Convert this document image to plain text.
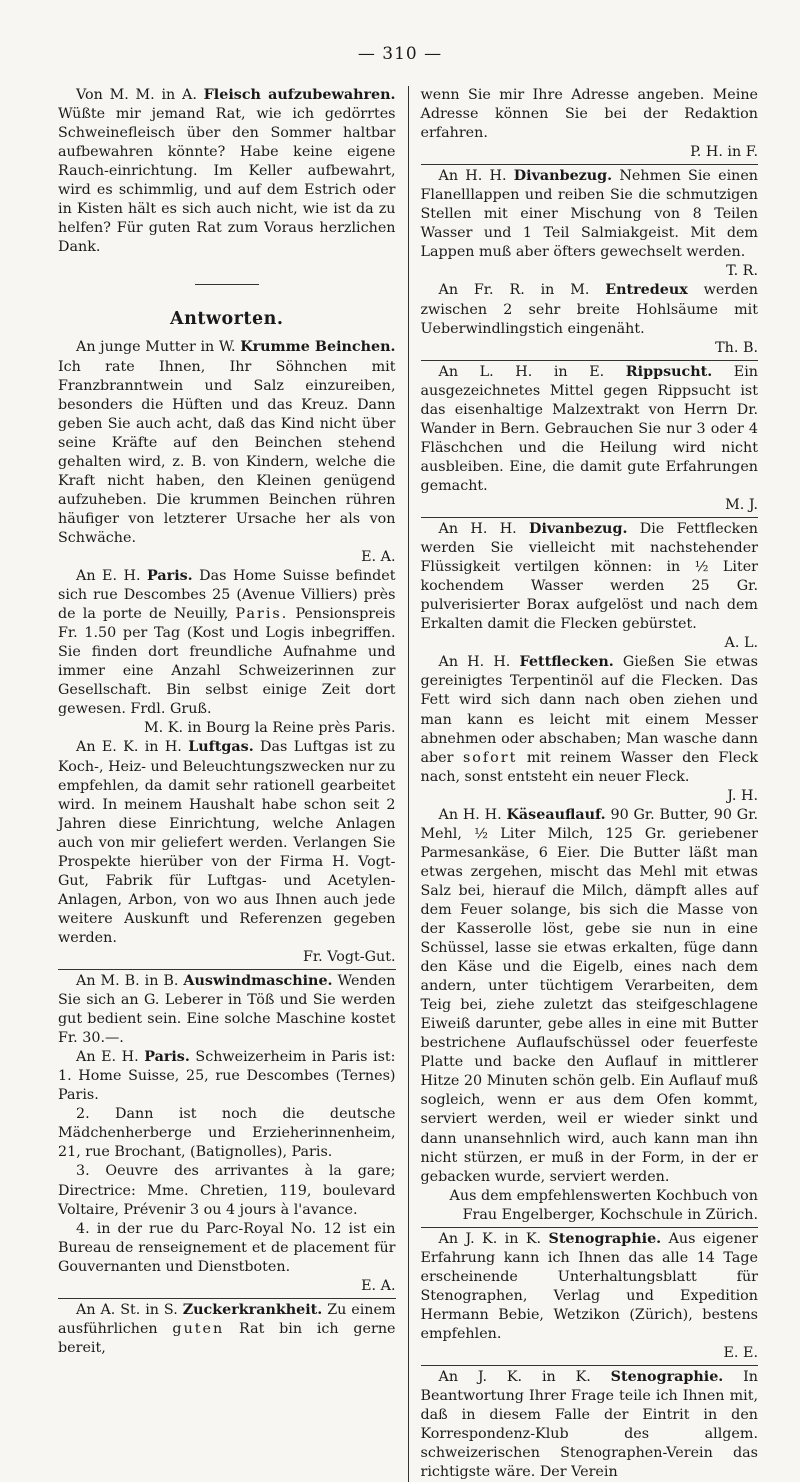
— 310 —

Von M. M. in A. Fleisch aufzubewahren. Wüßte mir jemand Rat, wie ich gedörrtes Schweinefleisch über den Sommer haltbar aufbewahren könnte? Habe keine eigene Rauch-einrichtung. Im Keller aufbewahrt, wird es schimmlig, und auf dem Estrich oder in Kisten hält es sich auch nicht, wie ist da zu helfen? Für guten Rat zum Voraus herzlichen Dank.

Antworten.

An junge Mutter in W. Krumme Beinchen. Ich rate Ihnen, Ihr Söhnchen mit Franzbranntwein und Salz einzureiben, besonders die Hüften und das Kreuz. Dann geben Sie auch acht, daß das Kind nicht über seine Kräfte auf den Beinchen stehend gehalten wird, z. B. von Kindern, welche die Kraft nicht haben, den Kleinen genügend aufzuheben. Die krummen Beinchen rühren häufiger von letzterer Ursache her als von Schwäche.
E. A.

An E. H. Paris. Das Home Suisse befindet sich rue Descombes 25 (Avenue Villiers) près de la porte de Neuilly, Paris. Pensionspreis Fr. 1.50 per Tag (Kost und Logis inbegriffen. Sie finden dort freundliche Aufnahme und immer eine Anzahl Schweizerinnen zur Gesellschaft. Bin selbst einige Zeit dort gewesen. Frdl. Gruß.
M. K. in Bourg la Reine près Paris.

An E. K. in H. Luftgas. Das Luftgas ist zu Koch-, Heiz- und Beleuchtungszwecken nur zu empfehlen, da damit sehr rationell gearbeitet wird. In meinem Haushalt habe schon seit 2 Jahren diese Einrichtung, welche Anlagen auch von mir geliefert werden. Verlangen Sie Prospekte hierüber von der Firma H. Vogt-Gut, Fabrik für Luftgas- und Acetylen-Anlagen, Arbon, von wo aus Ihnen auch jede weitere Auskunft und Referenzen gegeben werden.
Fr. Vogt-Gut.

An M. B. in B. Auswindmaschine. Wenden Sie sich an G. Leberer in Töß und Sie werden gut bedient sein. Eine solche Maschine kostet Fr. 30.—.

An E. H. Paris. Schweizerheim in Paris ist: 1. Home Suisse, 25, rue Descombes (Ternes) Paris.

2. Dann ist noch die deutsche Mädchenherberge und Erzieherinnenheim, 21, rue Brochant, (Batignolles), Paris.

3. Oeuvre des arrivantes à la gare; Directrice: Mme. Chretien, 119, boulevard Voltaire, Prévenir 3 ou 4 jours à l'avance.

4. in der rue du Parc-Royal No. 12 ist ein Bureau de renseignement et de placement für Gouvernanten und Dienstboten.
E. A.

An A. St. in S. Zuckerkrankheit. Zu einem ausführlichen guten Rat bin ich gerne bereit,

wenn Sie mir Ihre Adresse angeben. Meine Adresse können Sie bei der Redaktion erfahren.
P. H. in F.

An H. H. Divanbezug. Nehmen Sie einen Flanelllappen und reiben Sie die schmutzigen Stellen mit einer Mischung von 8 Teilen Wasser und 1 Teil Salmiakgeist. Mit dem Lappen muß aber öfters gewechselt werden.
T. R.

An Fr. R. in M. Entredeux werden zwischen 2 sehr breite Hohlsäume mit Ueberwindlingstich eingenäht.
Th. B.

An L. H. in E. Rippsucht. Ein ausgezeichnetes Mittel gegen Rippsucht ist das eisenhaltige Malzextrakt von Herrn Dr. Wander in Bern. Gebrauchen Sie nur 3 oder 4 Fläschchen und die Heilung wird nicht ausbleiben. Eine, die damit gute Erfahrungen gemacht.
M. J.

An H. H. Divanbezug. Die Fettflecken werden Sie vielleicht mit nachstehender Flüssigkeit vertilgen können: in ½ Liter kochendem Wasser werden 25 Gr. pulverisierter Borax aufgelöst und nach dem Erkalten damit die Flecken gebürstet.
A. L.

An H. H. Fettflecken. Gießen Sie etwas gereinigtes Terpentinöl auf die Flecken. Das Fett wird sich dann nach oben ziehen und man kann es leicht mit einem Messer abnehmen oder abschaben; Man wasche dann aber sofort mit reinem Wasser den Fleck nach, sonst entsteht ein neuer Fleck.
J. H.

An H. H. Käseauflauf. 90 Gr. Butter, 90 Gr. Mehl, ½ Liter Milch, 125 Gr. geriebener Parmesankäse, 6 Eier. Die Butter läßt man etwas zergehen, mischt das Mehl mit etwas Salz bei, hierauf die Milch, dämpft alles auf dem Feuer solange, bis sich die Masse von der Kasserolle löst, gebe sie nun in eine Schüssel, lasse sie etwas erkalten, füge dann den Käse und die Eigelb, eines nach dem andern, unter tüchtigem Verarbeiten, dem Teig bei, ziehe zuletzt das steifgeschlagene Eiweiß darunter, gebe alles in eine mit Butter bestrichene Auflaufschüssel oder feuerfeste Platte und backe den Auflauf in mittlerer Hitze 20 Minuten schön gelb. Ein Auflauf muß sogleich, wenn er aus dem Ofen kommt, serviert werden, weil er wieder sinkt und dann unansehnlich wird, auch kann man ihn nicht stürzen, er muß in der Form, in der er gebacken wurde, serviert werden.

Aus dem empfehlenswerten Kochbuch von Frau Engelberger, Kochschule in Zürich.

An J. K. in K. Stenographie. Aus eigener Erfahrung kann ich Ihnen das alle 14 Tage erscheinende Unterhaltungsblatt für Stenographen, Verlag und Expedition Hermann Bebie, Wetzikon (Zürich), bestens empfehlen.
E. E.

An J. K. in K. Stenographie. In Beantwortung Ihrer Frage teile ich Ihnen mit, daß in diesem Falle der Eintrit in den Korrespondenz-Klub des allgem. schweizerischen Stenographen-Verein das richtigste wäre. Der Verein
